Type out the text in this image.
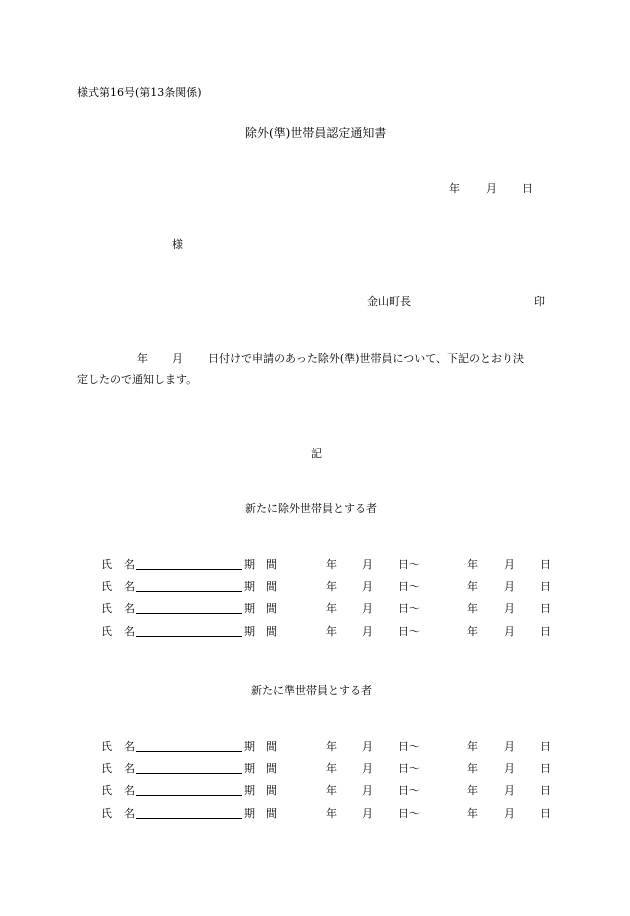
様式第16号(第13条関係)
除外(準)世帯員認定通知書
年 月 日
様
金山町長	印
年 月 日付けで申請のあった除外(準)世帯員について、下記のとおり決
定したので通知します。
記
新たに除外世帯員とする者
氏 名	期 間	年 月 日〜	年 月 日
氏 名	期 間	年 月 日〜	年 月 日
氏 名	期 間	年 月 日〜	年 月 日
氏 名	期 間	年 月 日〜	年 月 日
新たに準世帯員とする者
氏 名	期 間	年 月 日〜	年 月 日
氏 名	期 間	年 月 日〜	年 月 日
氏 名	期 間	年 月 日〜	年 月 日
氏 名	期 間	年 月 日〜	年 月 日
